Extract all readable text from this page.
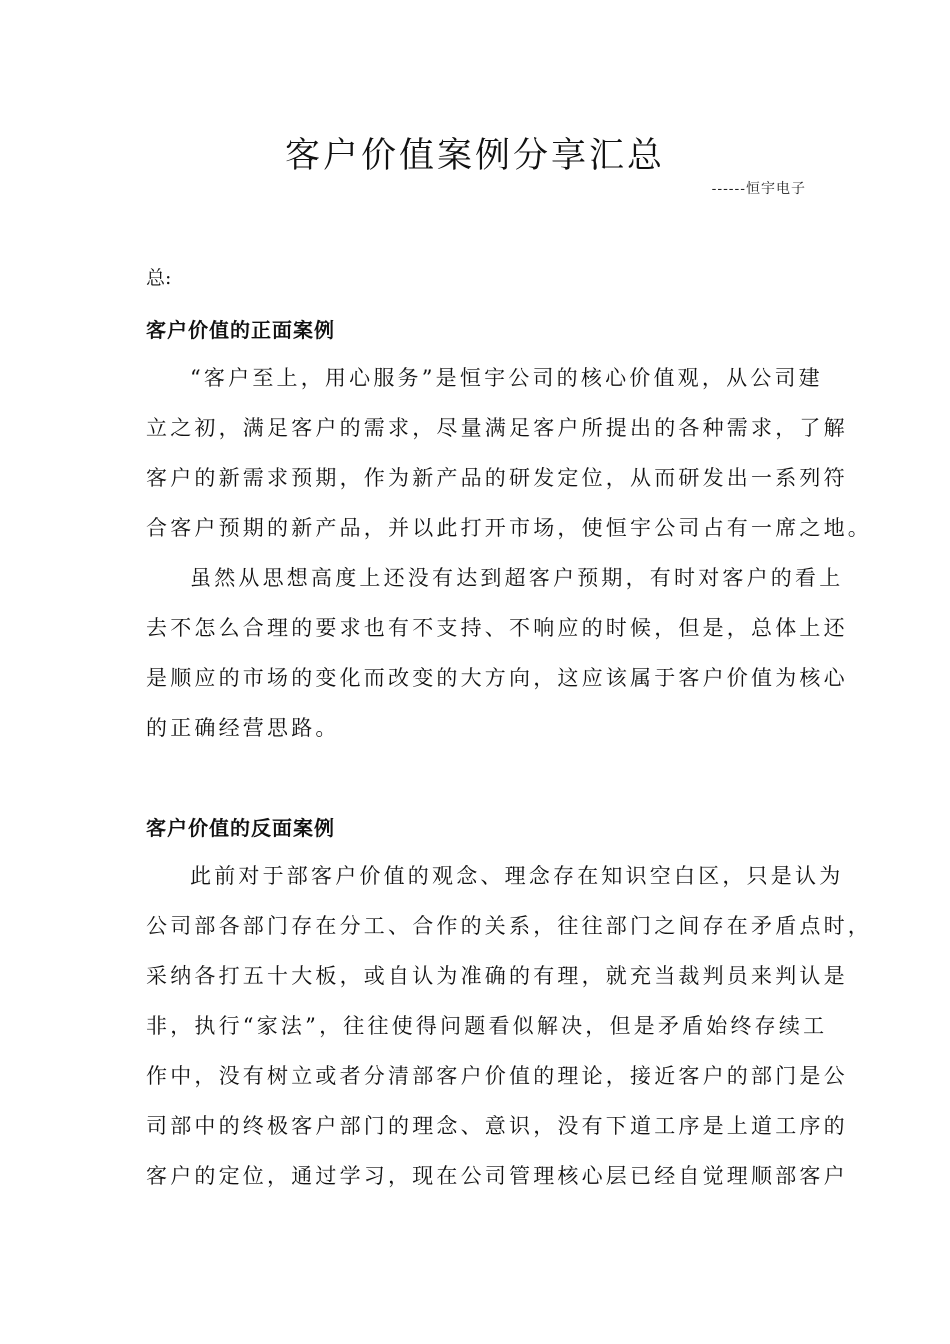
客户价值案例分享汇总
------恒宇电子
总:
客户价值的正面案例
“客户至上，用心服务”是恒宇公司的核心价值观，从公司建
立之初，满足客户的需求，尽量满足客户所提出的各种需求，了解
客户的新需求预期，作为新产品的研发定位，从而研发出一系列符
合客户预期的新产品，并以此打开市场，使恒宇公司占有一席之地。
虽然从思想高度上还没有达到超客户预期，有时对客户的看上
去不怎么合理的要求也有不支持、不响应的时候，但是，总体上还
是顺应的市场的变化而改变的大方向，这应该属于客户价值为核心
的正确经营思路。
客户价值的反面案例
此前对于部客户价值的观念、理念存在知识空白区，只是认为
公司部各部门存在分工、合作的关系，往往部门之间存在矛盾点时，
采纳各打五十大板，或自认为准确的有理，就充当裁判员来判认是
非，执行“家法”，往往使得问题看似解决，但是矛盾始终存续工
作中，没有树立或者分清部客户价值的理论，接近客户的部门是公
司部中的终极客户部门的理念、意识，没有下道工序是上道工序的
客户的定位，通过学习，现在公司管理核心层已经自觉理顺部客户
